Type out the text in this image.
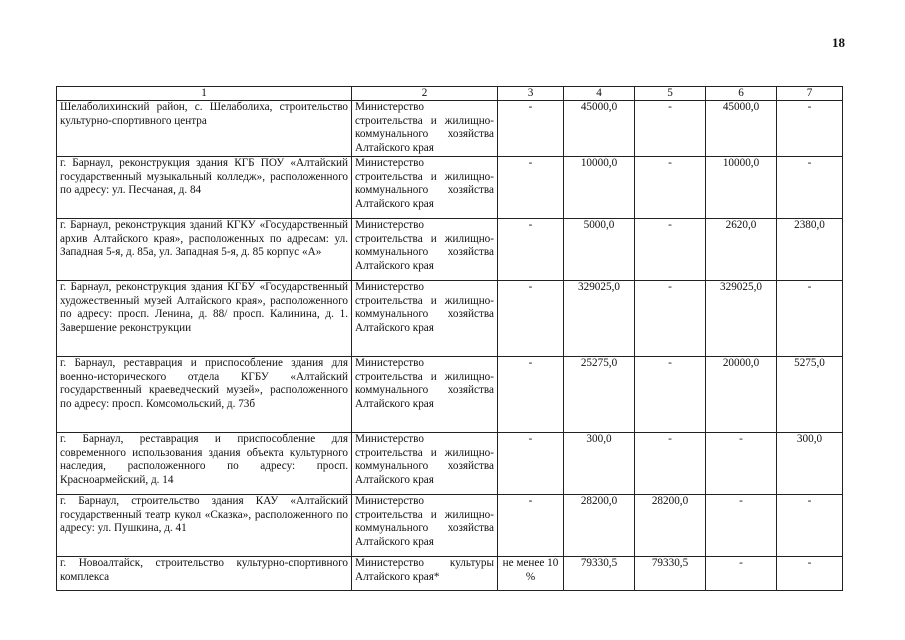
18
1	2	3	4	5	6	7
Шелаболихинский район, с. Шелаболиха, строительство культурно-спортивного центра	Министерство строительства и жилищно-коммунального хозяйства Алтайского края	-	45000,0	-	45000,0	-
г. Барнаул, реконструкция здания КГБ ПОУ «Алтайский государственный музыкальный колледж», расположенного по адресу: ул. Песчаная, д. 84	Министерство строительства и жилищно-коммунального хозяйства Алтайского края	-	10000,0	-	10000,0	-
г. Барнаул, реконструкция зданий КГКУ «Государственный архив Алтайского края», расположенных по адресам: ул. Западная 5-я, д. 85а, ул. Западная 5-я, д. 85 корпус «А»	Министерство строительства и жилищно-коммунального хозяйства Алтайского края	-	5000,0	-	2620,0	2380,0
г. Барнаул, реконструкция здания КГБУ «Государственный художественный музей Алтайского края», расположенного по адресу: просп. Ленина, д. 88/ просп. Калинина, д. 1. Завершение реконструкции	Министерство строительства и жилищно-коммунального хозяйства Алтайского края	-	329025,0	-	329025,0	-
г. Барнаул, реставрация и приспособление здания для военно-исторического отдела КГБУ «Алтайский государственный краеведческий музей», расположенного по адресу: просп. Комсомольский, д. 73б	Министерство строительства и жилищно-коммунального хозяйства Алтайского края	-	25275,0	-	20000,0	5275,0
г. Барнаул, реставрация и приспособление для современного использования здания объекта культурного наследия, расположенного по адресу: просп. Красноармейский, д. 14	Министерство строительства и жилищно-коммунального хозяйства Алтайского края	-	300,0	-	-	300,0
г. Барнаул, строительство здания КАУ «Алтайский государственный театр кукол «Сказка», расположенного по адресу: ул. Пушкина, д. 41	Министерство строительства и жилищно-коммунального хозяйства Алтайского края	-	28200,0	28200,0	-	-
г. Новоалтайск, строительство культурно-спортивного комплекса	Министерство культуры Алтайского края*	не менее 10 %	79330,5	79330,5	-	-
